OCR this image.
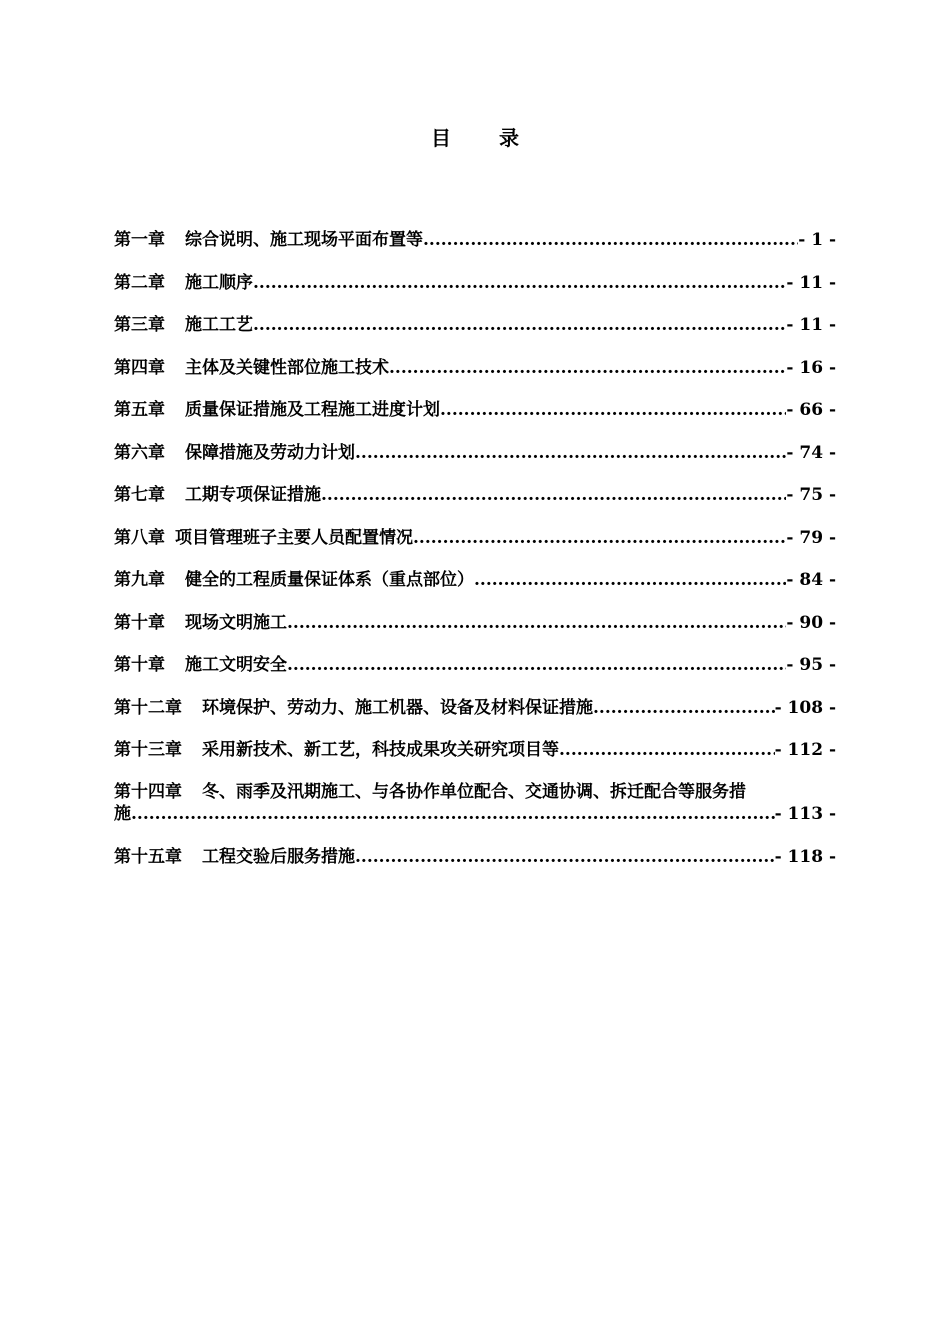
目 录
第一章 综合说明、施工现场平面布置等 .....	- 1 -
第二章 施工顺序 .....	- 11 -
第三章 施工工艺 .....	- 11 -
第四章 主体及关键性部位施工技术 .....	- 16 -
第五章 质量保证措施及工程施工进度计划 .....	- 66 -
第六章 保障措施及劳动力计划 .....	- 74 -
第七章 工期专项保证措施 .....	- 75 -
第八章 项目管理班子主要人员配置情况 .....	- 79 -
第九章 健全的工程质量保证体系（重点部位） .....	- 84 -
第十章 现场文明施工 .....	- 90 -
第十章 施工文明安全 .....	- 95 -
第十二章 环境保护、劳动力、施工机器、设备及材料保证措施 .....	- 108 -
第十三章 采用新技术、新工艺，科技成果攻关研究项目等 .....	- 112 -
第十四章 冬、雨季及汛期施工、与各协作单位配合、交通协调、拆迁配合等服务措
施 .....	- 113 -
第十五章 工程交验后服务措施 .....	- 118 -
